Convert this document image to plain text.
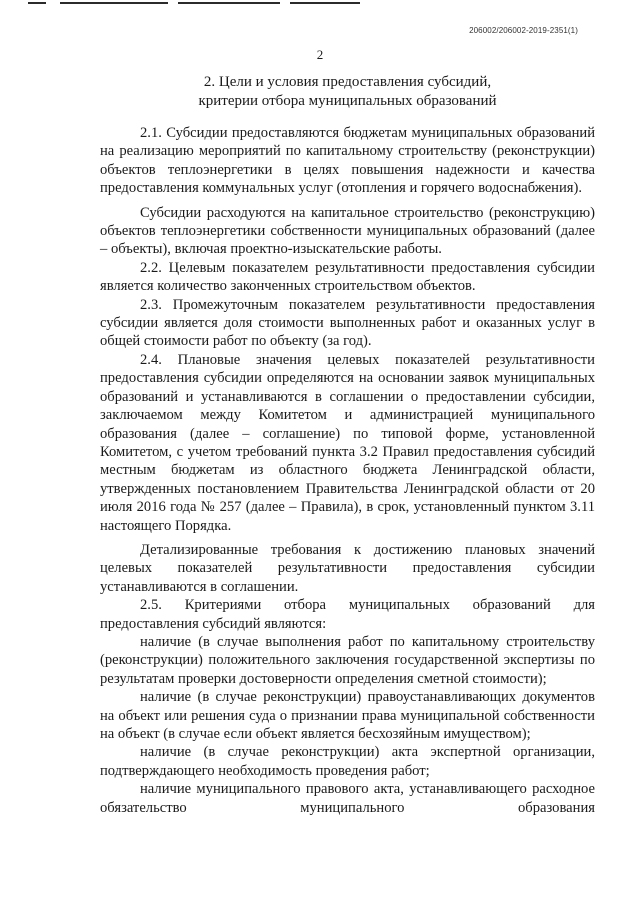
206002/206002-2019-2351(1)
2
2. Цели и условия предоставления субсидий,
критерии отбора муниципальных образований

2.1. Субсидии предоставляются бюджетам муниципальных образований на реализацию мероприятий по капитальному строительству (реконструкции) объектов теплоэнергетики в целях повышения надежности и качества предоставления коммунальных услуг (отопления и горячего водоснабжения).

Субсидии расходуются на капитальное строительство (реконструкцию) объектов теплоэнергетики собственности муниципальных образований (далее – объекты), включая проектно-изыскательские работы.

2.2. Целевым показателем результативности предоставления субсидии является количество законченных строительством объектов.

2.3. Промежуточным показателем результативности предоставления субсидии является доля стоимости выполненных работ и оказанных услуг в общей стоимости работ по объекту (за год).

2.4. Плановые значения целевых показателей результативности предоставления субсидии определяются на основании заявок муниципальных образований и устанавливаются в соглашении о предоставлении субсидии, заключаемом между Комитетом и администрацией муниципального образования (далее – соглашение) по типовой форме, установленной Комитетом, с учетом требований пункта 3.2 Правил предоставления субсидий местным бюджетам из областного бюджета Ленинградской области, утвержденных постановлением Правительства Ленинградской области от 20 июля 2016 года № 257 (далее – Правила), в срок, установленный пунктом 3.11 настоящего Порядка.

Детализированные требования к достижению плановых значений целевых показателей результативности предоставления субсидии устанавливаются в соглашении.

2.5. Критериями отбора муниципальных образований для предоставления субсидий являются:

наличие (в случае выполнения работ по капитальному строительству (реконструкции) положительного заключения государственной экспертизы по результатам проверки достоверности определения сметной стоимости);

наличие (в случае реконструкции) правоустанавливающих документов на объект или решения суда о признании права муниципальной собственности на объект (в случае если объект является бесхозяйным имуществом);

наличие (в случае реконструкции) акта экспертной организации, подтверждающего необходимость проведения работ;

наличие муниципального правового акта, устанавливающего расходное обязательство муниципального образования
